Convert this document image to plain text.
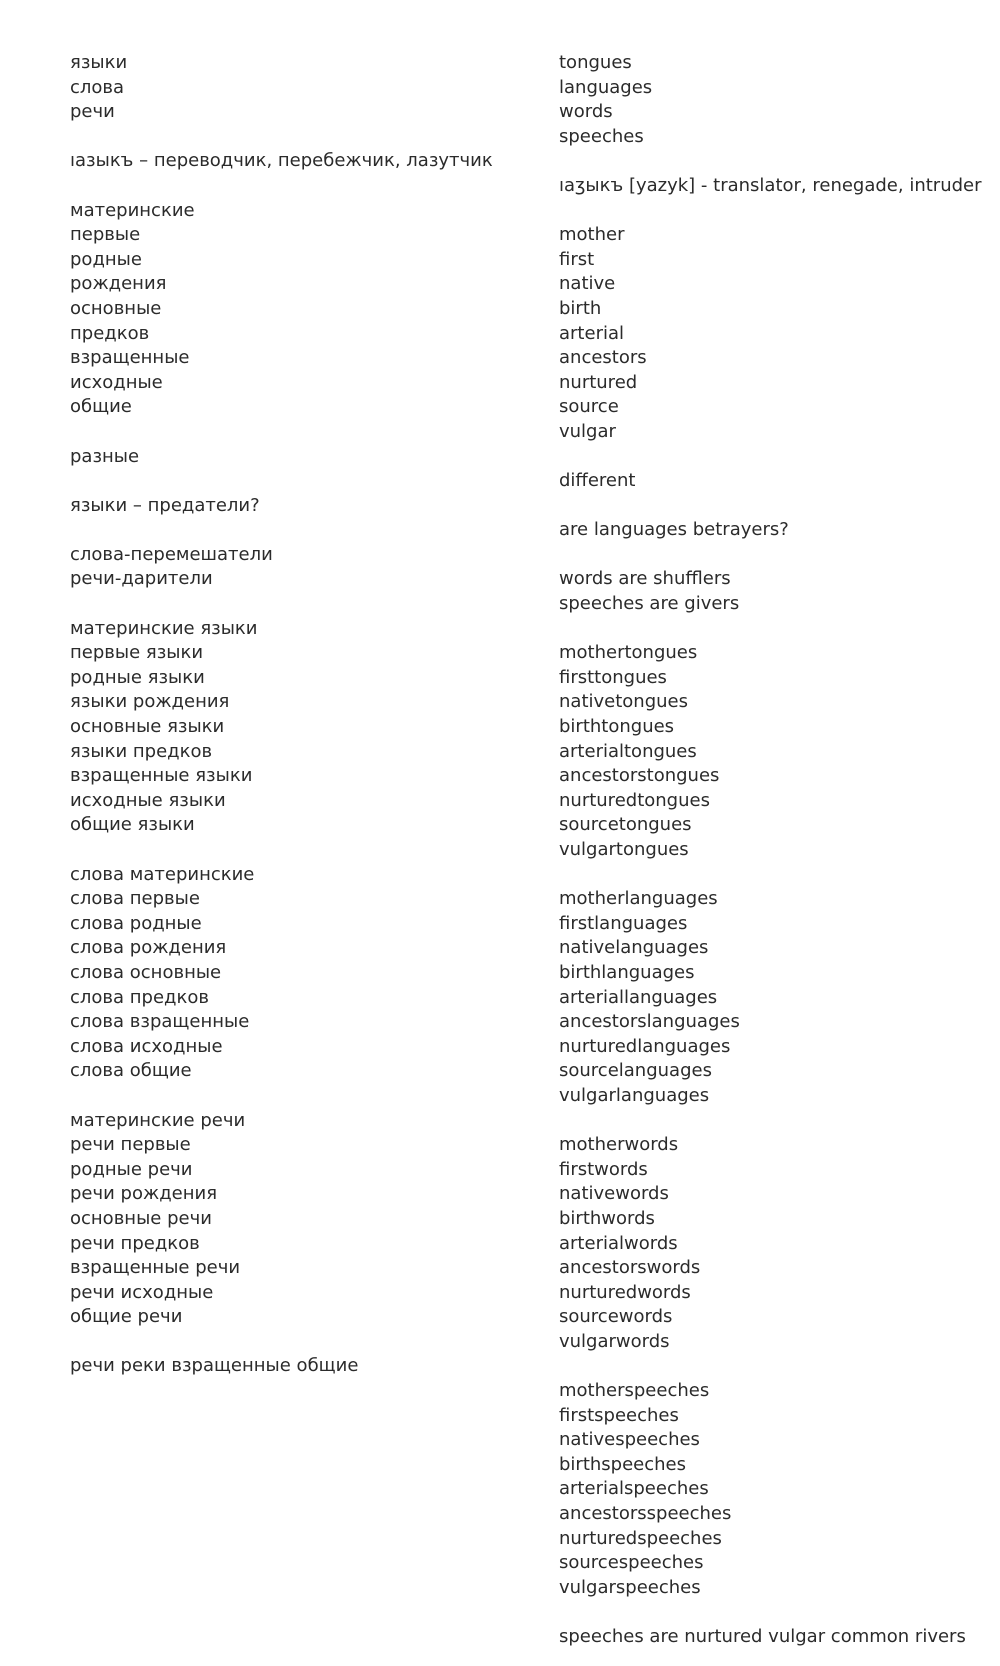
языки
слова
речи
ıазыкъ – переводчик, перебежчик, лазутчик
материнские
первые
родные
рождения
основные
предков
взращенные
исходные
общие
разные
языки – предатели?
слова-перемешатели
речи-дарители
материнские языки
первые языки
родные языки
языки рождения
основные языки
языки предков
взращенные языки
исходные языки
общие языки
слова материнские
слова первые
слова родные
слова рождения
слова основные
слова предков
слова взращенные
слова исходные
слова общие
материнские речи
речи первые
родные речи
речи рождения
основные речи
речи предков
взращенные речи
речи исходные
общие речи
речи реки взращенные общие
tongues
languages
words
speeches
ıaʒыкъ [yazyk] - translator, renegade, intruder
mother
first
native
birth
arterial
ancestors
nurtured
source
vulgar
different
are languages betrayers?
words are shufflers
speeches are givers
mothertongues
firsttongues
nativetongues
birthtongues
arterialtongues
ancestorstongues
nurturedtongues
sourcetongues
vulgartongues
motherlanguages
firstlanguages
nativelanguages
birthlanguages
arteriallanguages
ancestorslanguages
nurturedlanguages
sourcelanguages
vulgarlanguages
motherwords
firstwords
nativewords
birthwords
arterialwords
ancestorswords
nurturedwords
sourcewords
vulgarwords
motherspeeches
firstspeeches
nativespeeches
birthspeeches
arterialspeeches
ancestorsspeeches
nurturedspeeches
sourcespeeches
vulgarspeeches
speeches are nurtured vulgar common rivers
